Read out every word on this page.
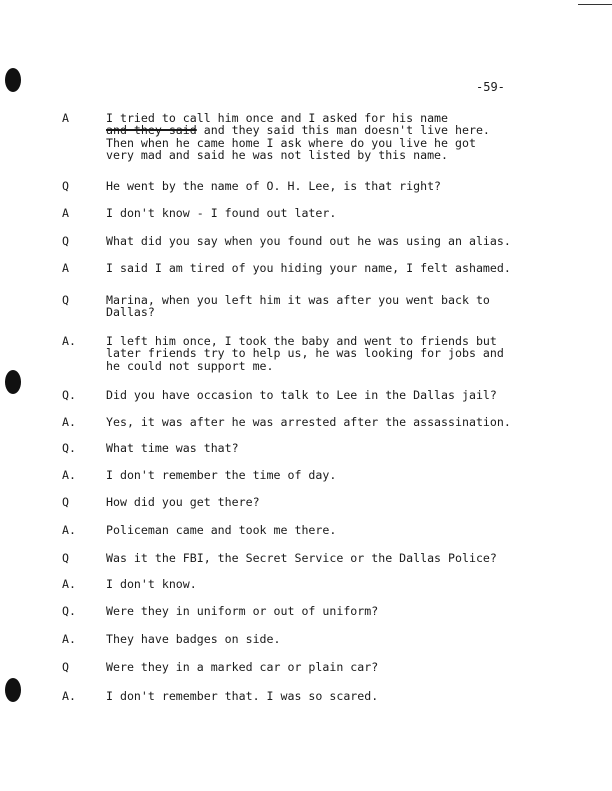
-59-
A	I tried to call him once and I asked for his name
and they said and they said this man doesn't live here.
Then when he came home I ask where do you live he got
very mad and said he was not listed by this name.
Q	He went by the name of O. H. Lee, is that right?
A	I don't know - I found out later.
Q	What did you say when you found out he was using an alias.
A	I said I am tired of you hiding your name, I felt ashamed.
Q	Marina, when you left him it was after you went back to
Dallas?
A.	I left him once, I took the baby and went to friends but
later friends try to help us, he was looking for jobs and
he could not support me.
Q.	Did you have occasion to talk to Lee in the Dallas jail?
A.	Yes, it was after he was arrested after the assassination.
Q.	What time was that?
A.	I don't remember the time of day.
Q	How did you get there?
A.	Policeman came and took me there.
Q	Was it the FBI, the Secret Service or the Dallas Police?
A.	I don't know.
Q.	Were they in uniform or out of uniform?
A.	They have badges on side.
Q	Were they in a marked car or plain car?
A.	I don't remember that. I was so scared.
